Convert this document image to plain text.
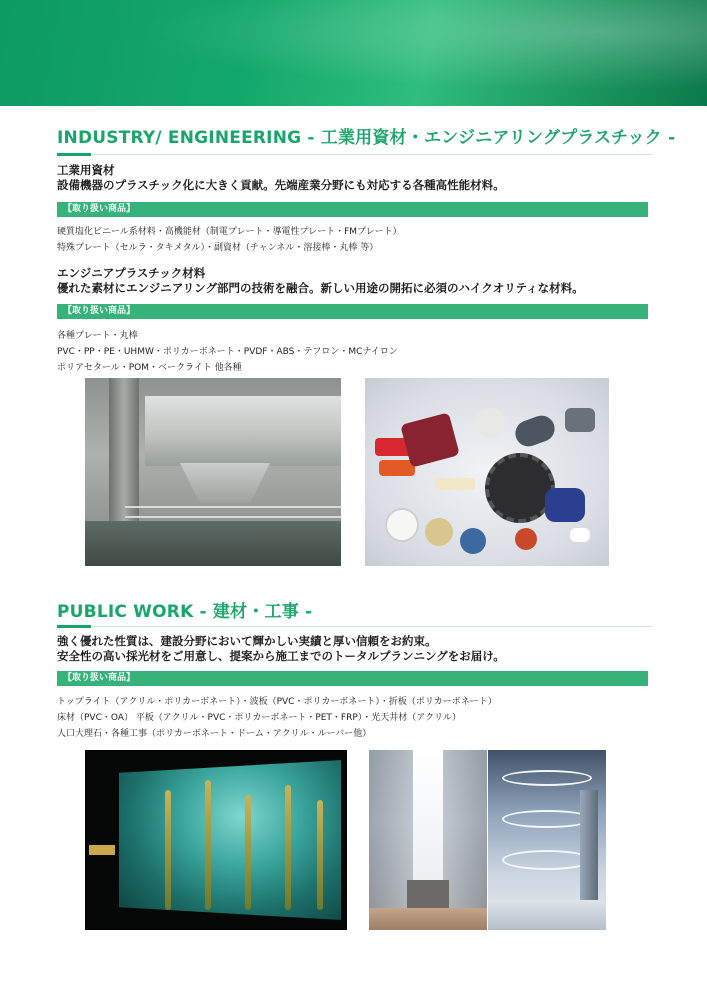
INDUSTRY/ ENGINEERING - 工業用資材・エンジニアリングプラスチック -
工業用資材
設備機器のプラスチック化に大きく貢献。先端産業分野にも対応する各種高性能材料。
【取り扱い商品】
硬質塩化ビニール系材料・高機能材（制電プレート・導電性プレート・FMプレート）
特殊プレート（セルラ・タキメタル）・副資材（チャンネル・溶接棒・丸棒 等）
エンジニアプラスチック材料
優れた素材にエンジニアリング部門の技術を融合。新しい用途の開拓に必須のハイクオリティな材料。
【取り扱い商品】
各種プレート・丸棒
PVC・PP・PE・UHMW・ポリカーボネート・PVDF・ABS・テフロン・MCナイロン
ポリアセタール・POM・ベークライト 他各種
PUBLIC WORK - 建材・工事 -
強く優れた性質は、建設分野において輝かしい実績と厚い信頼をお約束。
安全性の高い採光材をご用意し、提案から施工までのトータルプランニングをお届け。
【取り扱い商品】
トップライト（アクリル・ポリカーボネート）・波板（PVC・ポリカーボネート）・折板（ポリカーボネート）
床材（PVC・OA） 平板（アクリル・PVC・ポリカーボネート・PET・FRP）・光天井材（アクリル）
人口大理石・各種工事（ポリカーボネート・ドーム・アクリル・ルーバー他）
